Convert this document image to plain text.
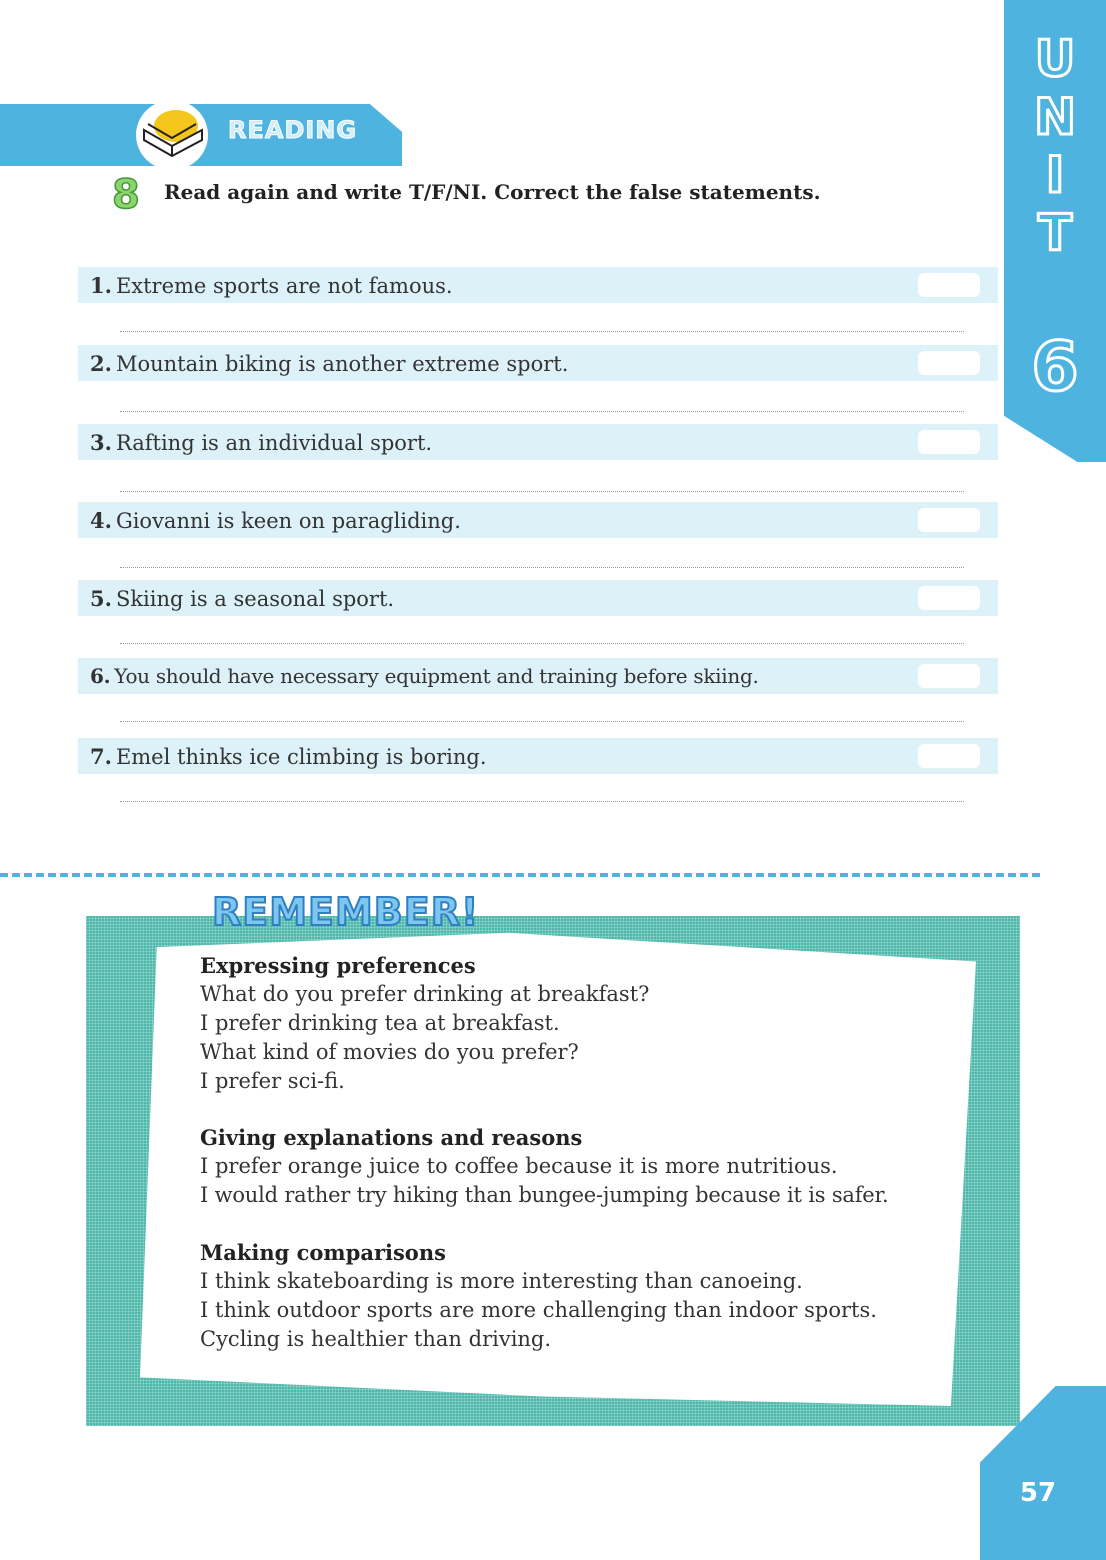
U
N
I
T
6
READING
8 Read again and write T/F/NI. Correct the false statements.
1. Extreme sports are not famous.
2. Mountain biking is another extreme sport.
3. Rafting is an individual sport.
4. Giovanni is keen on paragliding.
5. Skiing is a seasonal sport.
6. You should have necessary equipment and training before skiing.
7. Emel thinks ice climbing is boring.
REMEMBER!
Expressing preferences
What do you prefer drinking at breakfast?
I prefer drinking tea at breakfast.
What kind of movies do you prefer?
I prefer sci-fi.
Giving explanations and reasons
I prefer orange juice to coffee because it is more nutritious.
I would rather try hiking than bungee-jumping because it is safer.
Making comparisons
I think skateboarding is more interesting than canoeing.
I think outdoor sports are more challenging than indoor sports.
Cycling is healthier than driving.
57
